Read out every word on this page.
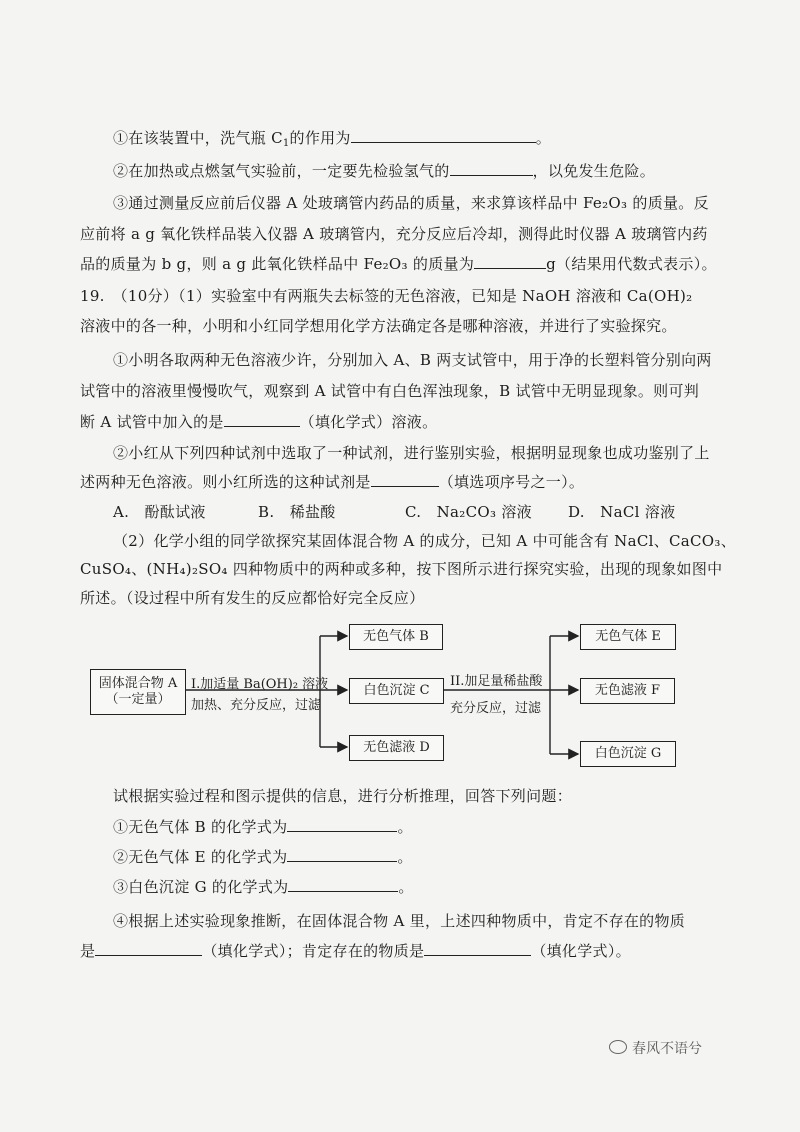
①在该装置中，洗气瓶 $C_1$的作用为	。
②在加热或点燃氢气实验前，一定要先检验氢气的	，以免发生危险。
③通过测量反应前后仪器 A 处玻璃管内药品的质量，来求算该样品中 Fe₂O₃ 的质量。反
应前将 a g 氧化铁样品装入仪器 A 玻璃管内，充分反应后冷却，测得此时仪器 A 玻璃管内药
品的质量为 b g，则 a g 此氧化铁样品中 Fe₂O₃ 的质量为	g（结果用代数式表示）。
19.　（10分）（1）实验室中有两瓶失去标签的无色溶液，已知是 NaOH 溶液和 Ca(OH)₂
溶液中的各一种，小明和小红同学想用化学方法确定各是哪种溶液，并进行了实验探究。
①小明各取两种无色溶液少许，分别加入 A、B 两支试管中，用于净的长塑料管分别向两
试管中的溶液里慢慢吹气，观察到 A 试管中有白色浑浊现象，B 试管中无明显现象。则可判
断 A 试管中加入的是	（填化学式）溶液。
②小红从下列四种试剂中选取了一种试剂，进行鉴别实验，根据明显现象也成功鉴别了上
述两种无色溶液。则小红所选的这种试剂是	（填选项序号之一）。
A.　酚酞试液	B.　稀盐酸	C.　Na₂CO₃ 溶液 D.　NaCl 溶液
（2）化学小组的同学欲探究某固体混合物 A 的成分，已知 A 中可能含有 NaCl、CaCO₃、
CuSO₄、(NH₄)₂SO₄ 四种物质中的两种或多种，按下图所示进行探究实验，出现的现象如图中
所述。（设过程中所有发生的反应都恰好完全反应）
固体混合物 A
（一定量）
I.加适量 Ba(OH)₂ 溶液
加热、充分反应，过滤
无色气体 B
白色沉淀 C
无色滤液 D
II.加足量稀盐酸
充分反应，过滤
无色气体 E
无色滤液 F
白色沉淀 G
试根据实验过程和图示提供的信息，进行分析推理，回答下列问题：
①无色气体 B 的化学式为	。
②无色气体 E 的化学式为	。
③白色沉淀 G 的化学式为	。
④根据上述实验现象推断，在固体混合物 A 里，上述四种物质中，肯定不存在的物质
是	（填化学式）；肯定存在的物质是	（填化学式）。
春风不语兮
